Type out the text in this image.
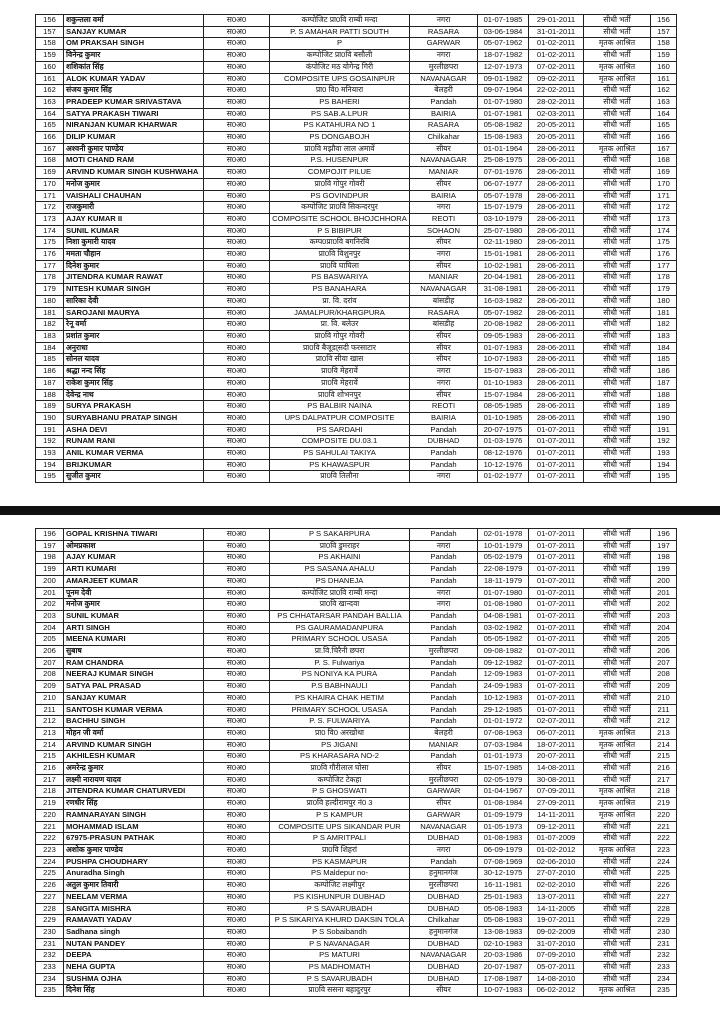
156	शकुन्तला वर्मा	स0अ0	कम्पोजिट प्रा0वि राम्बी मन्दा	नगरा	01-07-1985	29-01-2011	सीधी भर्ती	156
157	SANJAY KUMAR	स0अ0	P. S AMAHAR PATTI SOUTH	RASARA	03-06-1984	31-01-2011	सीधी भर्ती	157
158	OM PRAKSAH SINGH	स0अ0	P	GARWAR	05-07-1962	01-02-2011	मृतक आश्रित	158
159	विनेन्द्र कुमार	स0अ0	कम्पोजिट प्रा0वि बसौली	नगरा	18-07-1982	01-02-2011	सीधी भर्ती	159
160	शशिकांत सिंह	स0अ0	कंपोजिट मठ योगेन्द्र गिरी	मुरलीछपरा	12-07-1973	07-02-2011	मृतक आश्रित	160
161	ALOK KUMAR YADAV	स0अ0	COMPOSITE UPS GOSAINPUR	NAVANAGAR	09-01-1982	09-02-2011	मृतक आश्रित	161
162	संजय कुमार सिंह	स0अ0	प्रा0 वि0 मनियारा	बेलहरी	09-07-1964	22-02-2011	सीधी भर्ती	162
163	PRADEEP KUMAR SRIVASTAVA	स0अ0	PS BAHERI	Pandah	01-07-1980	28-02-2011	सीधी भर्ती	163
164	SATYA PRAKASH TIWARI	स0अ0	PS SAB.A.LPUR	BAIRIA	01-07-1981	02-03-2011	सीधी भर्ती	164
165	NIRANJAN KUMAR KHARWAR	स0अ0	PS KATAHURA NO 1	RASARA	05-08-1982	20-05-2011	सीधी भर्ती	165
166	DILIP KUMAR	स0अ0	PS DONGABOJH	Chilkahar	15-08-1983	20-05-2011	सीधी भर्ती	166
167	अश्वनी कुमार पाण्डेय	स0अ0	प्रा0वि मझौवा लाल अमावें	सीयर	01-01-1964	28-06-2011	मृतक आश्रित	167
168	MOTI CHAND RAM	स0अ0	P.S. HUSENPUR	NAVANAGAR	25-08-1975	28-06-2011	सीधी भर्ती	168
169	ARVIND KUMAR SINGH KUSHWAHA	स0अ0	COMPOJIT PILUE	MANIAR	07-01-1976	28-06-2011	सीधी भर्ती	169
170	मनोज कुमार	स0अ0	प्रा0वि गोपुर गोवरी	सीयर	06-07-1977	28-06-2011	सीधी भर्ती	170
171	VAISHALI CHAUHAN	स0अ0	PS GOVINDPUR	BAIRIA	05-07-1978	28-06-2011	सीधी भर्ती	171
172	राजकुमारी	स0अ0	कम्पोजिट प्रा0वि सिकन्दरपुर	नगरा	15-07-1979	28-06-2011	सीधी भर्ती	172
173	AJAY KUMAR II	स0अ0	COMPOSITE SCHOOL BHOJCHHORA	REOTI	03-10-1979	28-06-2011	सीधी भर्ती	173
174	SUNIL KUMAR	स0अ0	P S BIBIPUR	SOHAON	25-07-1980	28-06-2011	सीधी भर्ती	174
175	निशा कुमारी यादव	स0अ0	कम्प0प्रा0वि बगनिरबि	सीयर	02-11-1980	28-06-2011	सीधी भर्ती	175
176	ममता चौहान	स0अ0	प्रा0वि विशुनपुर	नगरा	15-01-1981	28-06-2011	सीधी भर्ती	176
177	दिनेश कुमार	स0अ0	प्रा0वि घाघिला	सीयर	10-02-1981	28-06-2011	सीधी भर्ती	177
178	JITENDRA KUMAR RAWAT	स0अ0	PS BASWARIYA	MANIAR	20-04-1981	28-06-2011	सीधी भर्ती	178
179	NITESH KUMAR SINGH	स0अ0	PS BANAHARA	NAVANAGAR	31-08-1981	28-06-2011	सीधी भर्ती	179
180	सारिका देवी	स0अ0	प्रा. वि. दरांव	बांसडीह	16-03-1982	28-06-2011	सीधी भर्ती	180
181	SAROJANI MAURYA	स0अ0	JAMALPUR/KHARGPURA	RASARA	05-07-1982	28-06-2011	सीधी भर्ती	181
182	रेनू वर्मा	स0अ0	प्रा. वि. बलेउर	बांसडीह	20-08-1982	28-06-2011	सीधी भर्ती	182
183	प्रशांत कुमार	स0अ0	प्रा0वि गोपुर गोवरी	सीयर	09-05-1983	28-06-2011	सीधी भर्ती	183
184	अनुराधा	स0अ0	प्रा0वि बैजूडा्सदी फरसाटार	सीयर	01-07-1983	28-06-2011	सीधी भर्ती	184
185	सोनल यादव	स0अ0	प्रा0वि सीवा खास	सीयर	10-07-1983	28-06-2011	सीधी भर्ती	185
186	श्रद्धा नन्द सिंह	स0अ0	प्रा0वि मेहरावें	नगरा	15-07-1983	28-06-2011	सीधी भर्ती	186
187	राकेश कुमार सिंह	स0अ0	प्रा0वि मेहरावें	नगरा	01-10-1983	28-06-2011	सीधी भर्ती	187
188	देवेन्द्र नाथ	स0अ0	प्रा0वि शोभनपुर	सीयर	15-07-1984	28-06-2011	सीधी भर्ती	188
189	SURYA PRAKASH	स0अ0	PS BALBIR NAINA	REOTI	08-05-1985	28-06-2011	सीधी भर्ती	189
190	SURYABHANU PRATAP SINGH	स0अ0	UPS DALPATPUR COMPOSITE	BAIRIA	01-10-1985	28-06-2011	सीधी भर्ती	190
191	ASHA DEVI	स0अ0	PS SARDAHI	Pandah	20-07-1975	01-07-2011	सीधी भर्ती	191
192	RUNAM RANI	स0अ0	COMPOSITE DU.03.1	DUBHAD	01-03-1976	01-07-2011	सीधी भर्ती	192
193	ANIL KUMAR VERMA	स0अ0	PS SAHULAI TAKIYA	Pandah	08-12-1976	01-07-2011	सीधी भर्ती	193
194	BRIJKUMAR	स0अ0	PS KHAWASPUR	Pandah	10-12-1976	01-07-2011	सीधी भर्ती	194
195	सुजीत कुमार	स0अ0	प्रा0वि तिलौना	नगरा	01-02-1977	01-07-2011	सीधी भर्ती	195
196	GOPAL KRISHNA TIWARI	स0अ0	P S SAKARPURA	Pandah	02-01-1978	01-07-2011	सीधी भर्ती	196
197	ओमप्रकाश	स0अ0	प्रा0वि डुमराहर	नगरा	10-01-1979	01-07-2011	सीधी भर्ती	197
198	AJAY KUMAR	स0अ0	PS AKHAINI	Pandah	05-02-1979	01-07-2011	सीधी भर्ती	198
199	ARTI KUMARI	स0अ0	PS SASANA AHALU	Pandah	22-08-1979	01-07-2011	सीधी भर्ती	199
200	AMARJEET KUMAR	स0अ0	PS DHANEJA	Pandah	18-11-1979	01-07-2011	सीधी भर्ती	200
201	पूनम देवी	स0अ0	कम्पोजिट प्रा0वि राम्बी मन्दा	नगरा	01-07-1980	01-07-2011	सीधी भर्ती	201
202	मनोज कुमार	स0अ0	प्रा0वि खान्दवा	नगरा	01-08-1980	01-07-2011	सीधी भर्ती	202
203	SUNIL KUMAR	स0अ0	PS CHHATARSAR PANDAH BALLIA	Pandah	04-08-1981	01-07-2011	सीधी भर्ती	203
204	ARTI SINGH	स0अ0	PS GAURAMADANPURA	Pandah	03-02-1982	01-07-2011	सीधी भर्ती	204
205	MEENA KUMARI	स0अ0	PRIMARY SCHOOL USASA	Pandah	05-05-1982	01-07-2011	सीधी भर्ती	205
206	सुबाष	स0अ0	प्रा.वि.चिरैनी छपरा	मुरलीछपरा	09-08-1982	01-07-2011	सीधी भर्ती	206
207	RAM CHANDRA	स0अ0	P. S. Fulwariya	Pandah	09-12-1982	01-07-2011	सीधी भर्ती	207
208	NEERAJ KUMAR SINGH	स0अ0	PS NONIYA KA PURA	Pandah	12-09-1983	01-07-2011	सीधी भर्ती	208
209	SATYA PAL PRASAD	स0अ0	P.S BABHNAULI	Pandah	24-09-1983	01-07-2011	सीधी भर्ती	209
210	SANJAY KUMAR	स0अ0	PS KHAIRA CHAK HETIM	Pandah	10-12-1983	01-07-2011	सीधी भर्ती	210
211	SANTOSH KUMAR VERMA	स0अ0	PRIMARY SCHOOL USASA	Pandah	29-12-1985	01-07-2011	सीधी भर्ती	211
212	BACHHU SINGH	स0अ0	P. S. FULWARIYA	Pandah	01-01-1972	02-07-2011	सीधी भर्ती	212
213	मोहन जी वर्मा	स0अ0	प्रा0 वि0 अरखोथा	बेलहरी	07-08-1963	06-07-2011	मृतक आश्रित	213
214	ARVIND KUMAR SINGH	स0अ0	PS JIGANI	MANIAR	07-03-1984	18-07-2011	मृतक आश्रित	214
215	AKHILESH KUMAR	स0अ0	PS KHARASARA NO-2	Pandah	01-01-1973	20-07-2011	सीधी भर्ती	215
216	अमरेन्द्र कुमार	स0अ0	प्रा0वि गौरीलाल घोसा	सीयर	15-07-1985	14-08-2011	सीधी भर्ती	216
217	लक्ष्मी नारायण यादव	स0अ0	कम्पोजिट टेकहा	मुरलीछपरा	02-05-1979	30-08-2011	सीधी भर्ती	217
218	JITENDRA KUMAR CHATURVEDI	स0अ0	P S GHOSWATI	GARWAR	01-04-1967	07-09-2011	मृतक आश्रित	218
219	रणधीर सिंह	स0अ0	प्रा0वि हल्दीरामपुर नं0 3	सीयर	01-08-1984	27-09-2011	मृतक आश्रित	219
220	RAMNARAYAN SINGH	स0अ0	P S KAMPUR	GARWAR	01-09-1979	14-11-2011	मृतक आश्रित	220
221	MOHAMMAD ISLAM	स0अ0	COMPOSITE UPS SIKANDAR PUR	NAVANAGAR	01-05-1973	09-12-2011	सीधी भर्ती	221
222	67975-PRASUN PATHAK	स0अ0	P S AMRITPALI	DUBHAD	01-08-1983	01-07-2009	सीधी भर्ती	222
223	अशोक कुमार पाण्डेय	स0अ0	प्रा0वि शिहरां	नगरा	06-09-1979	01-02-2012	मृतक आश्रित	223
224	PUSHPA CHOUDHARY	स0अ0	PS KASMAPUR	Pandah	07-08-1969	02-06-2010	सीधी भर्ती	224
225	Anuradha Singh	स0अ0	PS Maldepur no-	हनुमानगंज	30-12-1975	27-07-2010	सीधी भर्ती	225
226	अतुल कुमार तिवारी	स0अ0	कम्पोजिट लक्ष्मीपुर	मुरलीछपरा	16-11-1981	02-02-2010	सीधी भर्ती	226
227	NEELAM VERMA	स0अ0	PS KISHUNPUR DUBHAD	DUBHAD	25-01-1983	13-07-2011	सीधी भर्ती	227
228	SANGITA MISHRA	स0अ0	P S SAVARUBADH	DUBHAD	05-08-1983	14-11-2005	सीधी भर्ती	228
229	RAMAVATI YADAV	स0अ0	P S SIKARIYA KHURD DAKSIN TOLA	Chilkahar	05-08-1983	19-07-2011	सीधी भर्ती	229
230	Sadhana singh	स0अ0	P S Sobaibandh	हनुमानगंज	13-08-1983	09-02-2009	सीधी भर्ती	230
231	NUTAN PANDEY	स0अ0	P S NAVANAGAR	DUBHAD	02-10-1983	31-07-2010	सीधी भर्ती	231
232	DEEPA	स0अ0	PS MATURI	NAVANAGAR	20-03-1986	07-09-2010	सीधी भर्ती	232
233	NEHA GUPTA	स0अ0	PS MADHOMATH	DUBHAD	20-07-1987	05-07-2011	सीधी भर्ती	233
234	SUSHMA OJHA	स0अ0	P S SAVARUBADH	DUBHAD	17-08-1987	14-08-2010	सीधी भर्ती	234
235	दिनेश सिंह	स0अ0	प्रा0वि ससना बहादुरपुर	सीयर	10-07-1983	06-02-2012	मृतक आश्रित	235
